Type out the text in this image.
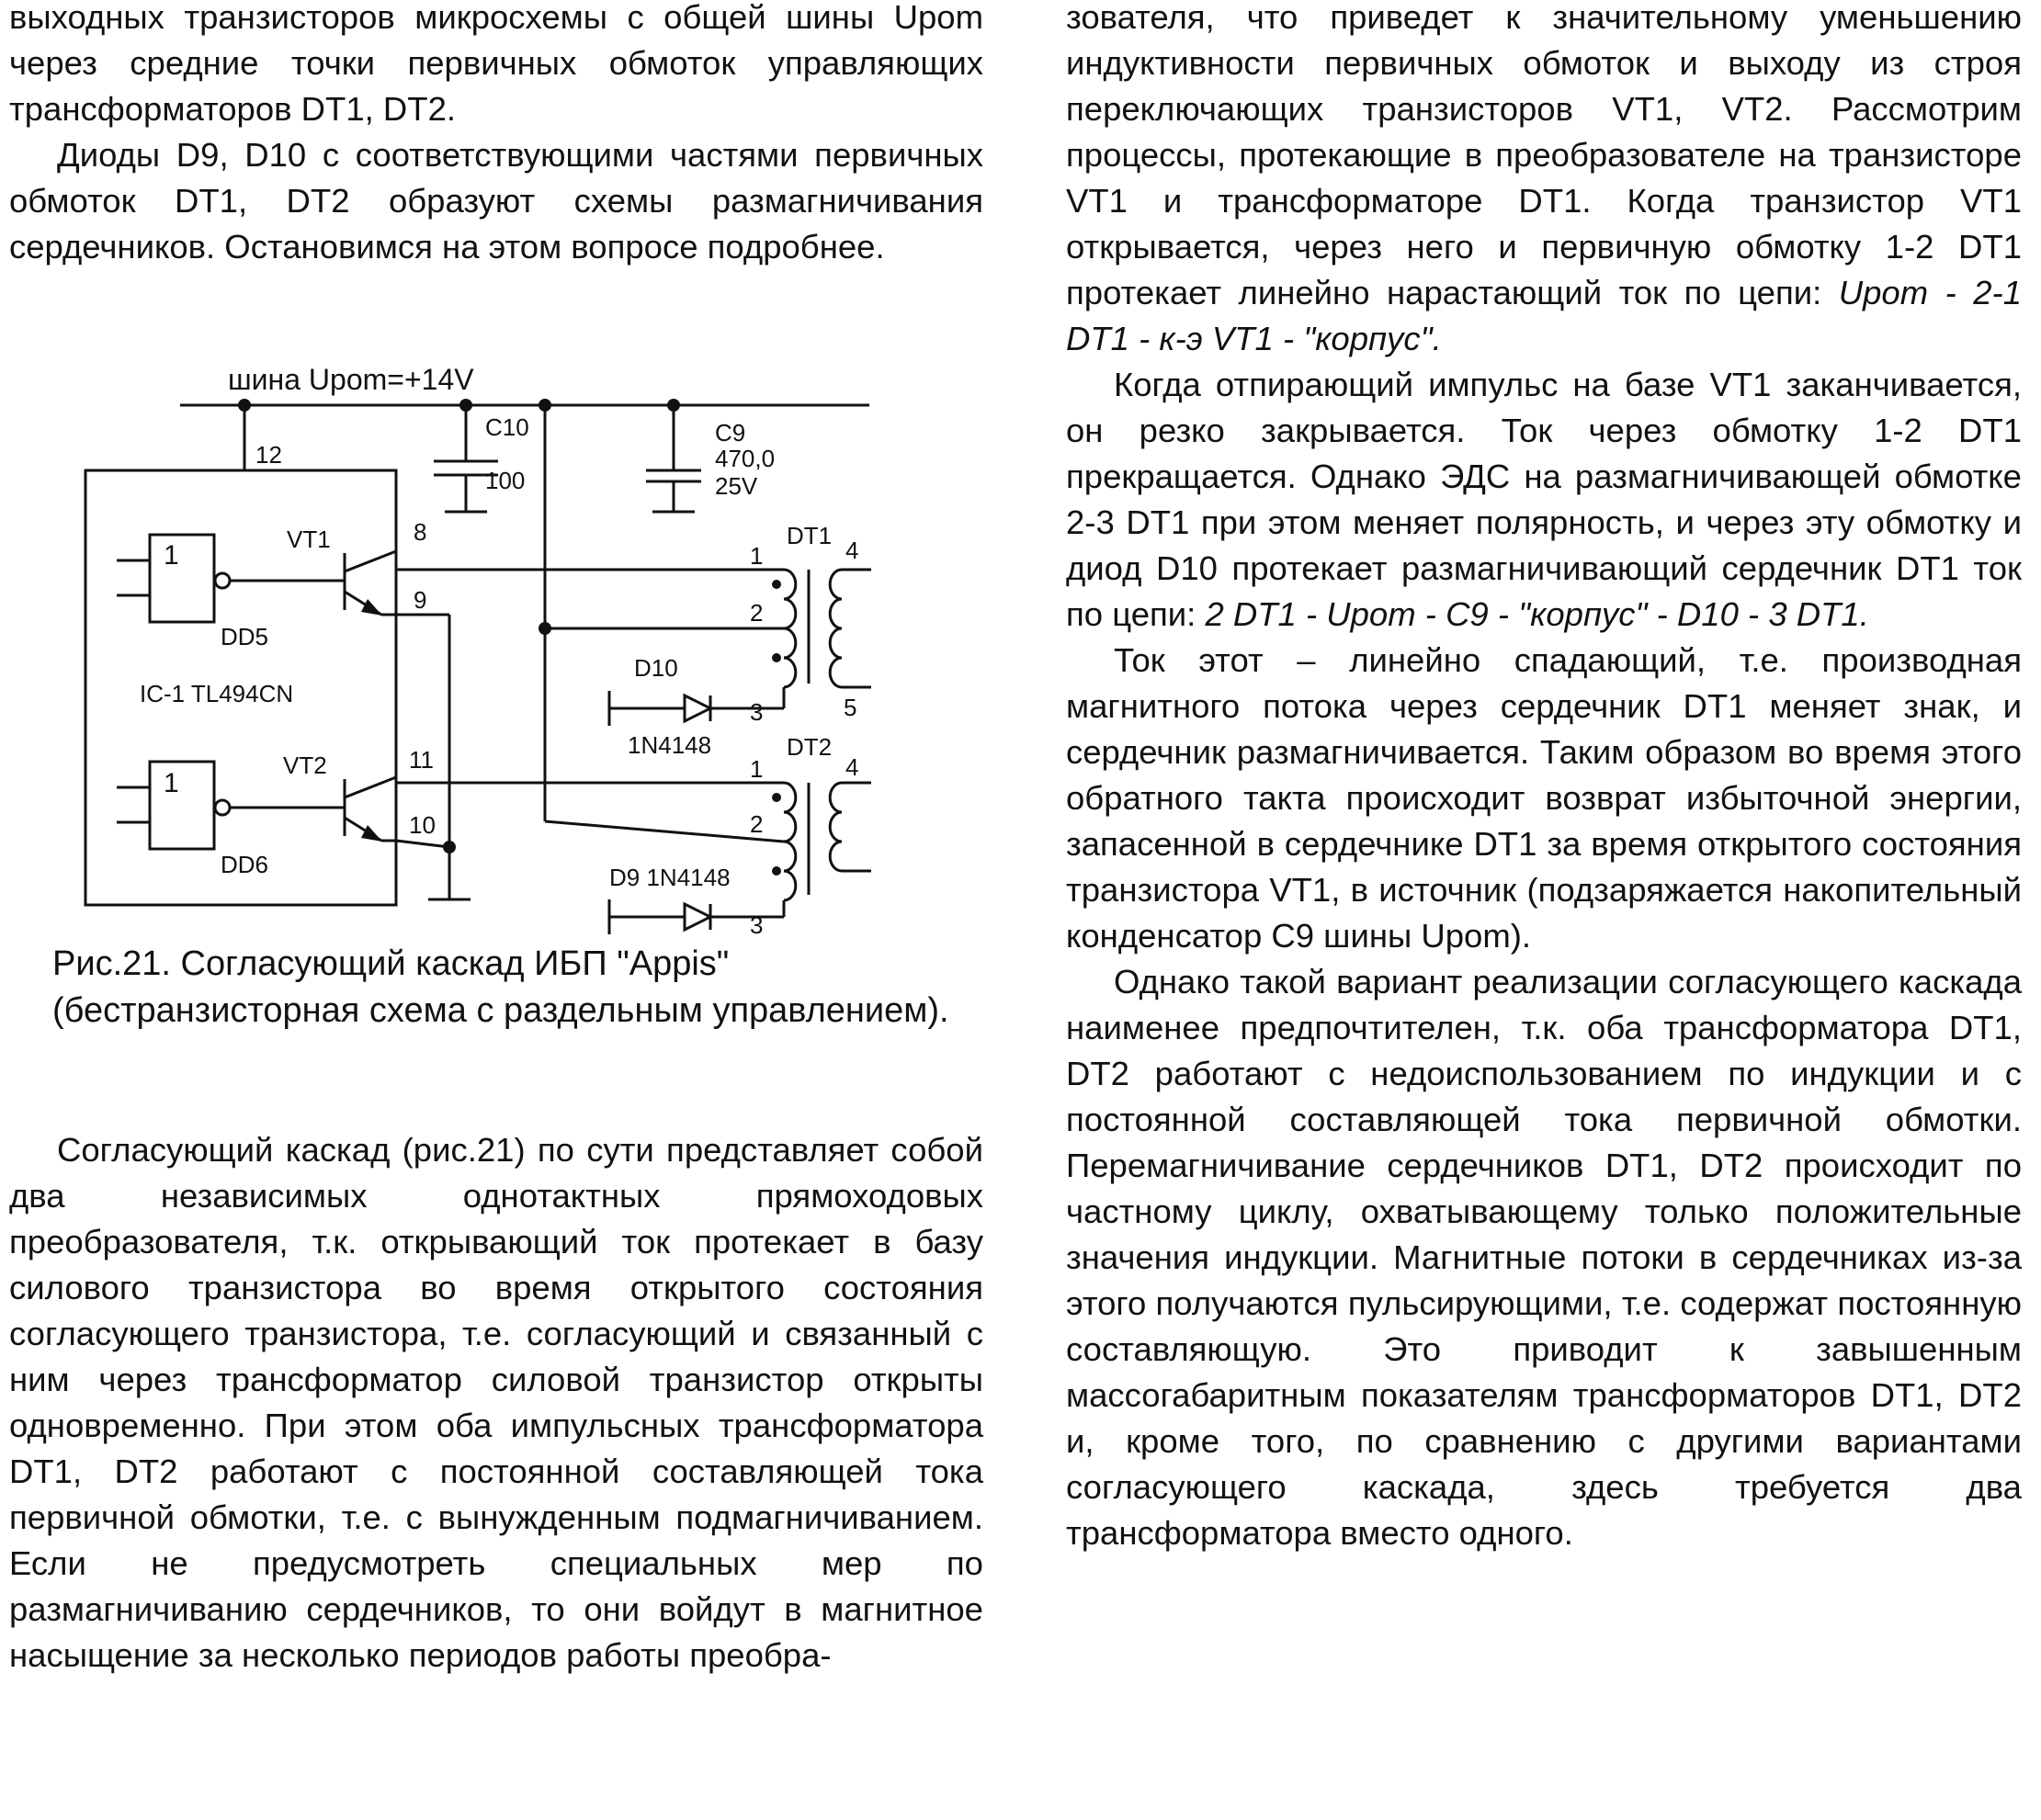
выходных транзисторов микросхемы с общей шины Upom через средние точки первичных обмоток управляющих трансформаторов DT1, DT2.

Диоды D9, D10 с соответствующими частями первичных обмоток DT1, DT2 образуют схемы размагничивания сердечников. Остановимся на этом вопросе подробнее.

шина Upom=+14V
12
C10
100
C9
470,0
25V
1
DD5
VT1	8
9
IC-1 TL494CN
1
DD6
VT2	11
10
1
DT1
4
2
5
3
D10
1N4148
1
DT2
4
2
3
D9 1N4148

Рис.21. Согласующий каскад ИБП "Appis" (бестранзисторная схема с раздельным управлением).

Согласующий каскад (рис.21) по сути представляет собой два независимых однотактных прямоходовых преобразователя, т.к. открывающий ток протекает в базу силового транзистора во время открытого состояния согласующего транзистора, т.е. согласующий и связанный с ним через трансформатор силовой транзистор открыты одновременно. При этом оба импульсных трансформатора DT1, DT2 работают с постоянной составляющей тока первичной обмотки, т.е. с вынужденным подмагничиванием. Если не предусмотреть специальных мер по размагничиванию сердечников, то они войдут в магнитное насыщение за несколько периодов работы преобра-

зователя, что приведет к значительному уменьшению индуктивности первичных обмоток и выходу из строя переключающих транзисторов VT1, VT2. Рассмотрим процессы, протекающие в преобразователе на транзисторе VT1 и трансформаторе DT1. Когда транзистор VT1 открывается, через него и первичную обмотку 1-2 DT1 протекает линейно нарастающий ток по цепи: Upom - 2-1 DT1 - к-э VT1 - "корпус".

Когда отпирающий импульс на базе VT1 заканчивается, он резко закрывается. Ток через обмотку 1-2 DT1 прекращается. Однако ЭДС на размагничивающей обмотке 2-3 DT1 при этом меняет полярность, и через эту обмотку и диод D10 протекает размагничивающий сердечник DT1 ток по цепи: 2 DT1 - Upom - C9 - "корпус" - D10 - 3 DT1.

Ток этот – линейно спадающий, т.е. производная магнитного потока через сердечник DT1 меняет знак, и сердечник размагничивается. Таким образом во время этого обратного такта происходит возврат избыточной энергии, запасенной в сердечнике DT1 за время открытого состояния транзистора VT1, в источник (подзаряжается накопительный конденсатор C9 шины Upom).

Однако такой вариант реализации согласующего каскада наименее предпочтителен, т.к. оба трансформатора DT1, DT2 работают с недоиспользованием по индукции и с постоянной составляющей тока первичной обмотки. Перемагничивание сердечников DT1, DT2 происходит по частному циклу, охватывающему только положительные значения индукции. Магнитные потоки в сердечниках из-за этого получаются пульсирующими, т.е. содержат постоянную составляющую. Это приводит к завышенным массогабаритным показателям трансформаторов DT1, DT2 и, кроме того, по сравнению с другими вариантами согласующего каскада, здесь требуется два трансформатора вместо одного.
